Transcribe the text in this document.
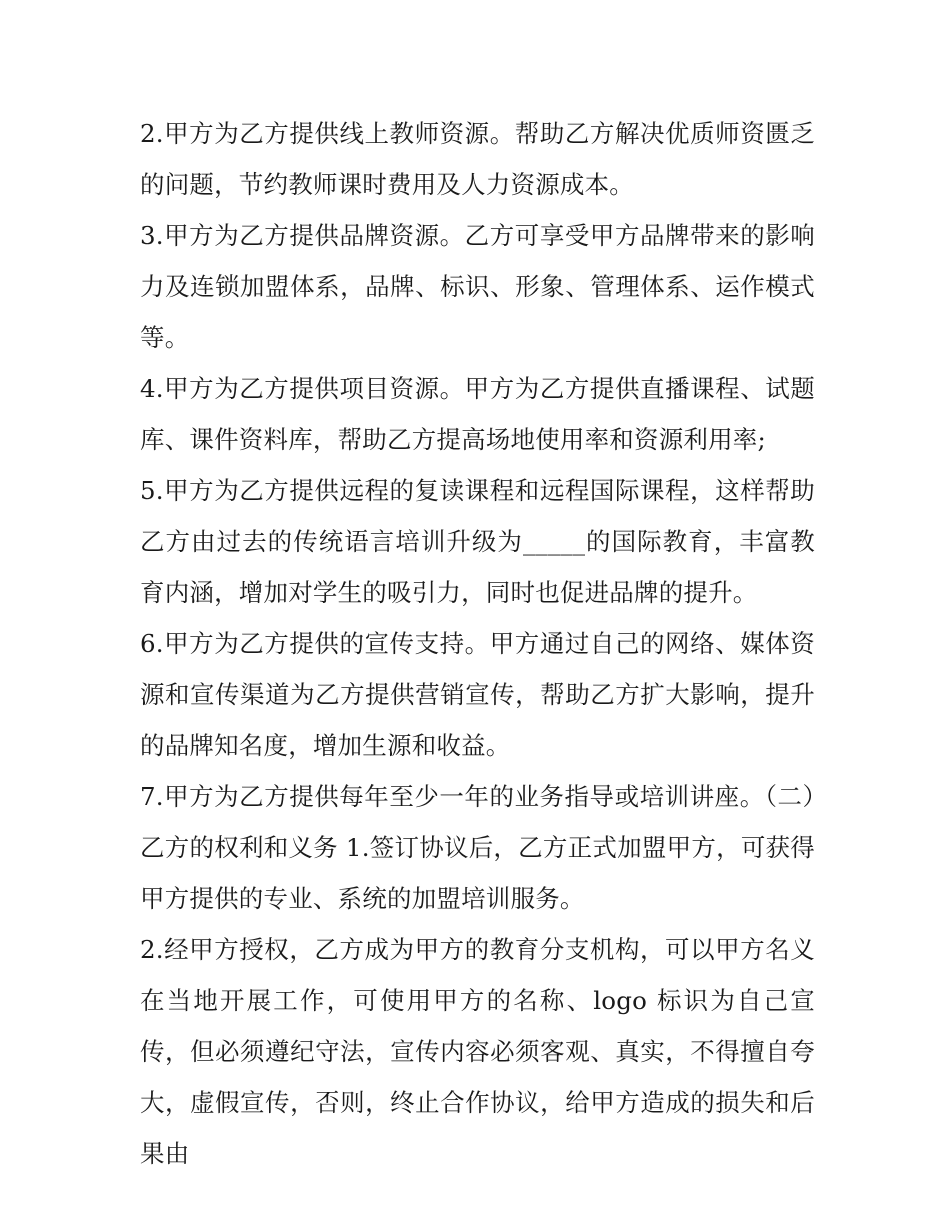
2.甲方为乙方提供线上教师资源。帮助乙方解决优质师资匮乏的问题，节约教师课时费用及人力资源成本。

3.甲方为乙方提供品牌资源。乙方可享受甲方品牌带来的影响力及连锁加盟体系，品牌、标识、形象、管理体系、运作模式等。

4.甲方为乙方提供项目资源。甲方为乙方提供直播课程、试题库、课件资料库，帮助乙方提高场地使用率和资源利用率;

5.甲方为乙方提供远程的复读课程和远程国际课程，这样帮助乙方由过去的传统语言培训升级为_____的国际教育，丰富教育内涵，增加对学生的吸引力，同时也促进品牌的提升。

6.甲方为乙方提供的宣传支持。甲方通过自己的网络、媒体资源和宣传渠道为乙方提供营销宣传，帮助乙方扩大影响，提升的品牌知名度，增加生源和收益。

7.甲方为乙方提供每年至少一年的业务指导或培训讲座。（二）乙方的权利和义务 1.签订协议后，乙方正式加盟甲方，可获得甲方提供的专业、系统的加盟培训服务。

2.经甲方授权，乙方成为甲方的教育分支机构，可以甲方名义在当地开展工作，可使用甲方的名称、logo 标识为自己宣传，但必须遵纪守法，宣传内容必须客观、真实，不得擅自夸大，虚假宣传，否则，终止合作协议，给甲方造成的损失和后果由
